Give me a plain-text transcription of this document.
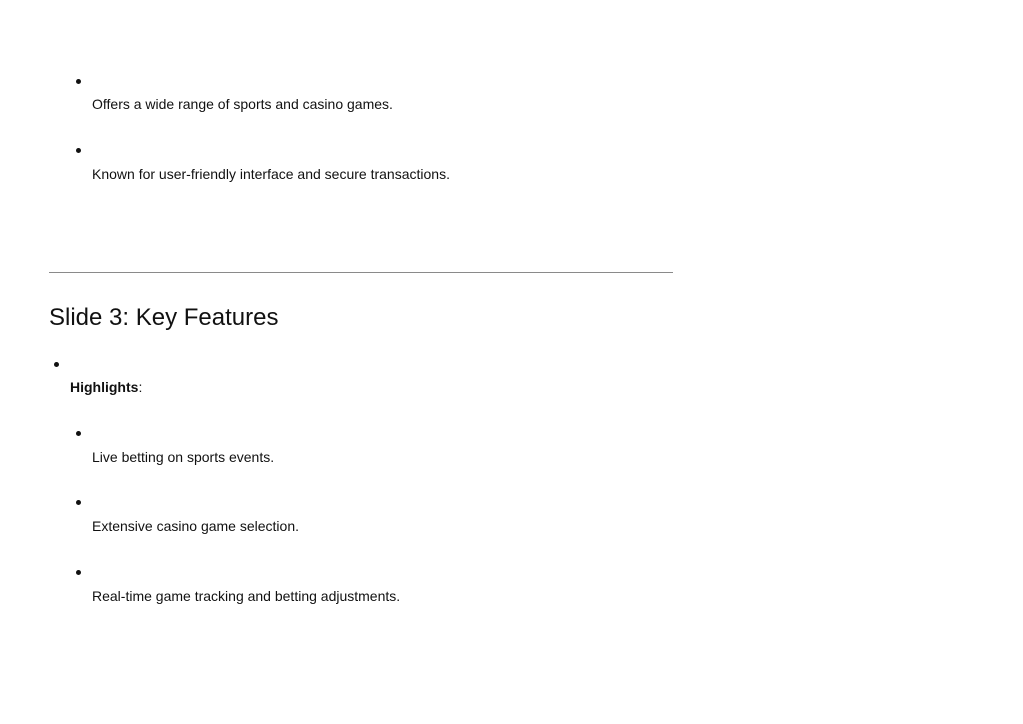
Offers a wide range of sports and casino games.
Known for user-friendly interface and secure transactions.
Slide 3: Key Features
Highlights:
Live betting on sports events.
Extensive casino game selection.
Real-time game tracking and betting adjustments.
